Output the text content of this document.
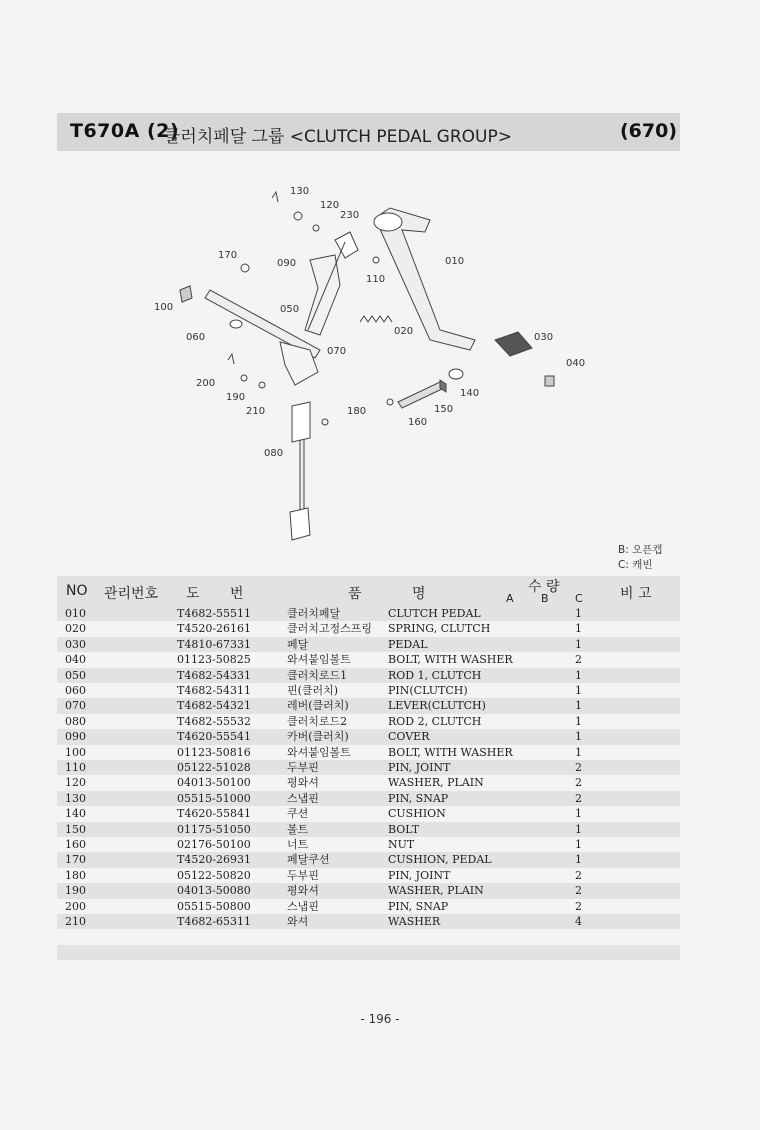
T670A (2)
클러치페달 그룹 <CLUTCH PEDAL GROUP>	(670)
130
120
230
170
090	010
110
100	050
020
030
060
070
040
200
140
190
210	180	150
160
080
B: 오픈캡
C: 캐빈
NO 관리번호 도 번	품	명	수 량
A B C	비 고
010	T4682-55511	클러치페달	CLUTCH PEDAL	1
020	T4520-26161	클러치고정스프링 SPRING, CLUTCH	1
030	T4810-67331	페달	PEDAL	1
040	01123-50825	와셔붙임볼트	BOLT, WITH WASHER	2
050	T4682-54331	클러치로드1	ROD 1, CLUTCH	1
060	T4682-54311	핀(클러치)	PIN(CLUTCH)	1
070	T4682-54321	레버(클러치)	LEVER(CLUTCH)	1
080	T4682-55532	클러치로드2	ROD 2, CLUTCH	1
090	T4620-55541	카버(클러치)	COVER	1
100	01123-50816	와셔붙임볼트	BOLT, WITH WASHER	1
110	05122-51028	두부핀	PIN, JOINT	2
120	04013-50100	평와셔	WASHER, PLAIN	2
130	05515-51000	스냅핀	PIN, SNAP	2
140	T4620-55841	쿠션	CUSHION	1
150	01175-51050	볼트	BOLT	1
160	02176-50100	너트	NUT	1
170	T4520-26931	페달쿠션	CUSHION, PEDAL	1
180	05122-50820	두부핀	PIN, JOINT	2
190	04013-50080	평와셔	WASHER, PLAIN	2
200	05515-50800	스냅핀	PIN, SNAP	2
210	T4682-65311	와셔	WASHER	4
- 196 -
